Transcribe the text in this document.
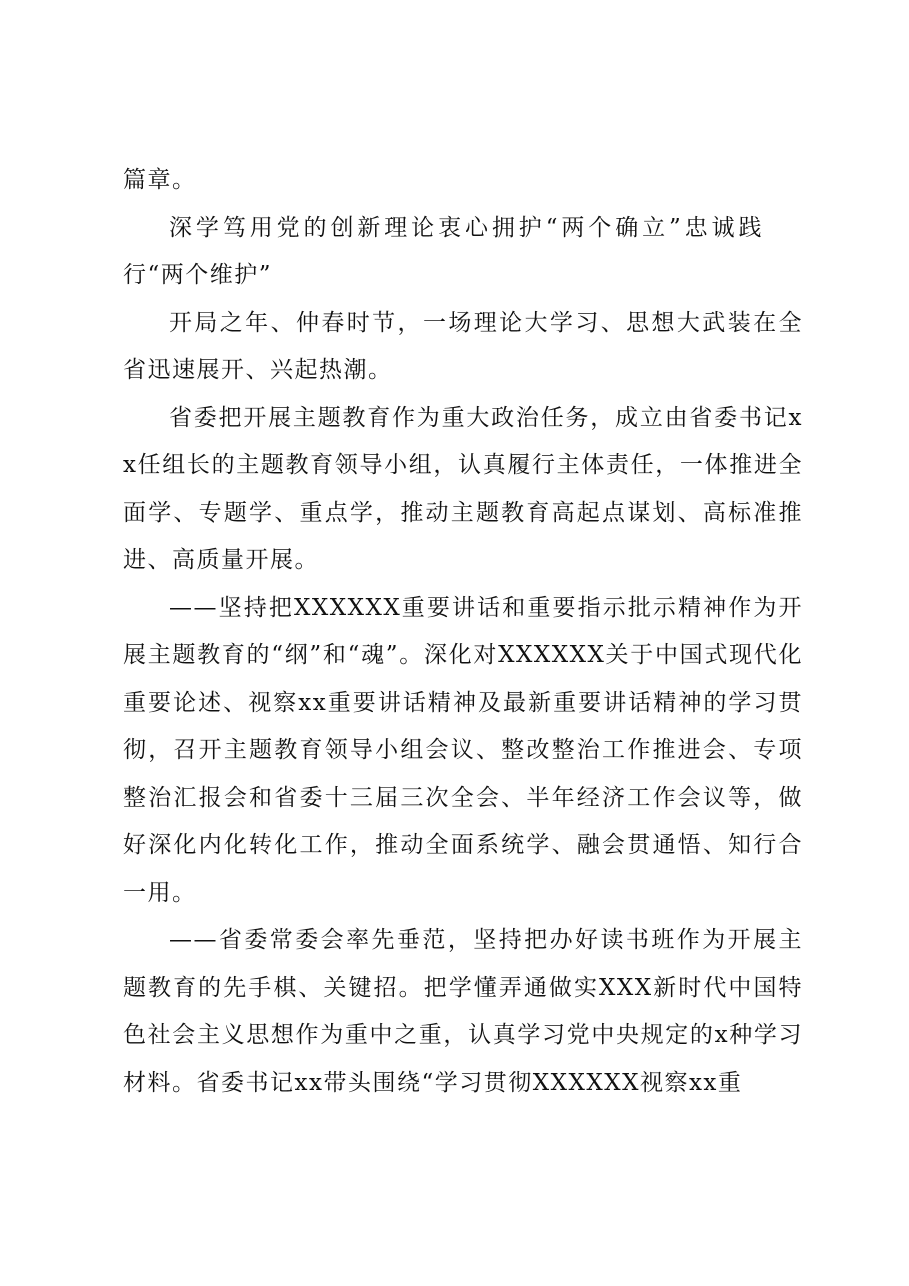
篇章。

深学笃用党的创新理论衷心拥护“两个确立”忠诚践行“两个维护”

开局之年、仲春时节，一场理论大学习、思想大武装在全省迅速展开、兴起热潮。

省委把开展主题教育作为重大政治任务，成立由省委书记xx任组长的主题教育领导小组，认真履行主体责任，一体推进全面学、专题学、重点学，推动主题教育高起点谋划、高标准推进、高质量开展。

——坚持把XXXXXX重要讲话和重要指示批示精神作为开展主题教育的“纲”和“魂”。深化对XXXXXX关于中国式现代化重要论述、视察xx重要讲话精神及最新重要讲话精神的学习贯彻，召开主题教育领导小组会议、整改整治工作推进会、专项整治汇报会和省委十三届三次全会、半年经济工作会议等，做好深化内化转化工作，推动全面系统学、融会贯通悟、知行合一用。

——省委常委会率先垂范，坚持把办好读书班作为开展主题教育的先手棋、关键招。把学懂弄通做实XXX新时代中国特色社会主义思想作为重中之重，认真学习党中央规定的x种学习材料。省委书记xx带头围绕“学习贯彻XXXXXX视察xx重
